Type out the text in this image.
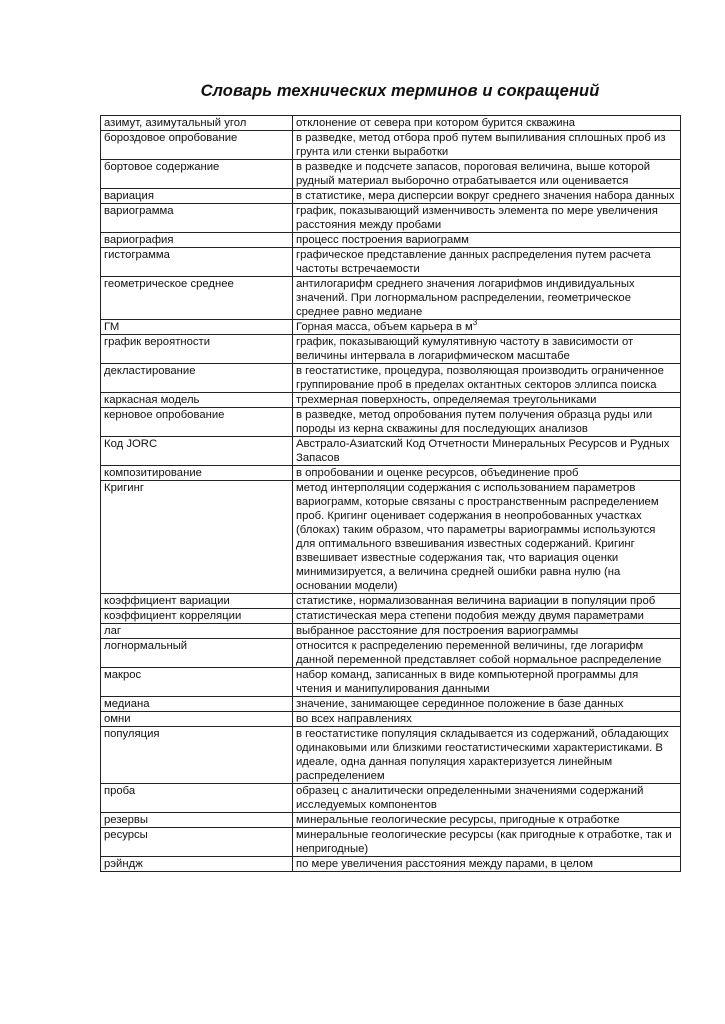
Словарь технических терминов и сокращений
азимут, азимутальный угол	отклонение от севера при котором бурится скважина
бороздовое опробование	в разведке, метод отбора проб путем выпиливания сплошных проб из грунта или стенки выработки
бортовое содержание	в разведке и подсчете запасов, пороговая величина, выше которой рудный материал выборочно отрабатывается или оценивается
вариация	в статистике, мера дисперсии вокруг среднего значения набора данных
вариограмма	график, показывающий изменчивость элемента по мере увеличения расстояния между пробами
вариография	процесс построения вариограмм
гистограмма	графическое представление данных распределения путем расчета частоты встречаемости
геометрическое среднее	антилогарифм среднего значения логарифмов индивидуальных значений. При логнормальном распределении, геометрическое среднее равно медиане
ГМ	Горная масса, объем карьера в $м^3$
график вероятности	график, показывающий кумулятивную частоту в зависимости от величины интервала в логарифмическом масштабе
декластирование	в геостатистике, процедура, позволяющая производить ограниченное группирование проб в пределах октантных секторов эллипса поиска
каркасная модель	трехмерная поверхность, определяемая треугольниками
керновое опробование	в разведке, метод опробования путем получения образца руды или породы из керна скважины для последующих анализов
Код JORC	Австрало-Азиатский Код Отчетности Минеральных Ресурсов и Рудных Запасов
композитирование	в опробовании и оценке ресурсов, объединение проб
Кригинг	метод интерполяции содержания с использованием параметров вариограмм, которые связаны с пространственным распределением проб. Кригинг оценивает содержания в неопробованных участках (блоках) таким образом, что параметры вариограммы используются для оптимального взвешивания известных содержаний. Кригинг взвешивает известные содержания так, что вариация оценки минимизируется, а величина средней ошибки равна нулю (на основании модели)
коэффициент вариации	статистике, нормализованная величина вариации в популяции проб
коэффициент корреляции	статистическая мера степени подобия между двумя параметрами
лаг	выбранное расстояние для построения вариограммы
логнормальный	относится к распределению переменной величины, где логарифм данной переменной представляет собой нормальное распределение
макрос	набор команд, записанных в виде компьютерной программы для чтения и манипулирования данными
медиана	значение, занимающее серединное положение в базе данных
омни	во всех направлениях
популяция	в геостатистике популяция складывается из содержаний, обладающих одинаковыми или близкими геостатистическими характеристиками. В идеале, одна данная популяция характеризуется линейным распределением
проба	образец с аналитически определенными значениями содержаний исследуемых компонентов
резервы	минеральные геологические ресурсы, пригодные к отработке
ресурсы	минеральные геологические ресурсы (как пригодные к отработке, так и непригодные)
рэйндж	по мере увеличения расстояния между парами, в целом
